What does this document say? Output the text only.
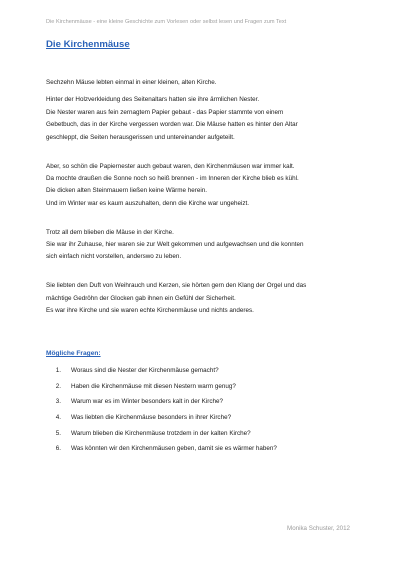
Die Kirchenmäuse - eine kleine Geschichte zum Vorlesen oder selbst lesen und Fragen zum Text
Die Kirchenmäuse
Sechzehn Mäuse lebten einmal in einer kleinen, alten Kirche.
Hinter der Holzverkleidung des Seitenaltars hatten sie ihre ärmlichen Nester.
Die Nester waren aus fein zernagtem Papier gebaut - das Papier stammte von einem
Gebetbuch, das in der Kirche vergessen worden war. Die Mäuse hatten es hinter den Altar
geschleppt, die Seiten herausgerissen und untereinander aufgeteilt.
Aber, so schön die Papiernester auch gebaut waren, den Kirchenmäusen war immer kalt.
Da mochte draußen die Sonne noch so heiß brennen - im Inneren der Kirche blieb es kühl.
Die dicken alten Steinmauern ließen keine Wärme herein.
Und im Winter war es kaum auszuhalten, denn die Kirche war ungeheizt.
Trotz all dem blieben die Mäuse in der Kirche.
Sie war ihr Zuhause, hier waren sie zur Welt gekommen und aufgewachsen und die konnten
sich einfach nicht vorstellen, anderswo zu leben.
Sie liebten den Duft von Weihrauch und Kerzen, sie hörten gern den Klang der Orgel und das
mächtige Gedröhn der Glocken gab ihnen ein Gefühl der Sicherheit.
Es war ihre Kirche und sie waren echte Kirchenmäuse und nichts anderes.
Mögliche Fragen:
1. Woraus sind die Nester der Kirchenmäuse gemacht?
2. Haben die Kirchenmäuse mit diesen Nestern warm genug?
3. Warum war es im Winter besonders kalt in der Kirche?
4. Was liebten die Kirchenmäuse besonders in ihrer Kirche?
5. Warum blieben die Kirchenmäuse trotzdem in der kalten Kirche?
6. Was könnten wir den Kirchenmäusen geben, damit sie es wärmer haben?
Monika Schuster, 2012
